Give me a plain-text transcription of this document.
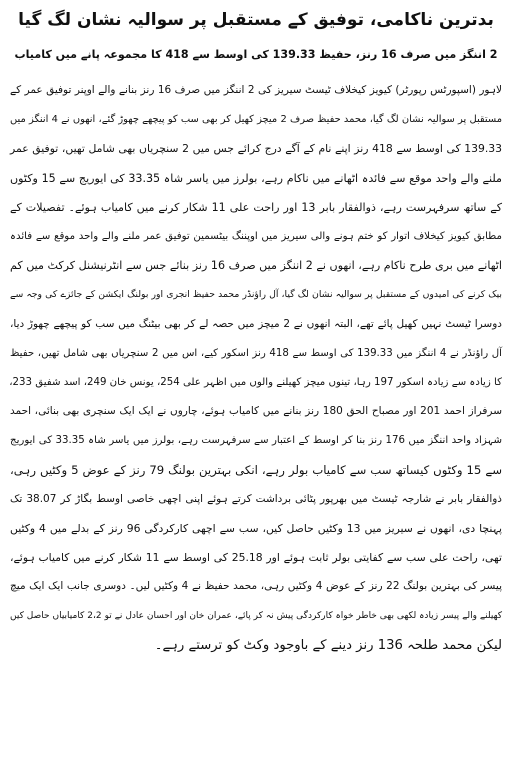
بدترین ناکامی، توفیق کے مستقبل پر سوالیہ نشان لگ گیا
2 اننگز میں صرف 16 رنز، حفیظ 139.33 کی اوسط سے 418 کا مجموعہ پانے میں کامیاب
لاہور (اسپورٹس رپورٹر) کیویز کیخلاف ٹیسٹ سیریز کی 2 اننگز میں صرف 16 رنز بنانے والے اوپنر توفیق عمر کے
مستقبل پر سوالیہ نشان لگ گیا، محمد حفیظ صرف 2 میچز کھیل کر بھی سب کو پیچھے چھوڑ گئے، انھوں نے 4 اننگز میں
139.33 کی اوسط سے 418 رنز اپنے نام کے آگے درج کرائے جس میں 2 سنچریاں بھی شامل تھیں، توفیق عمر
ملنے والے واحد موقع سے فائدہ اٹھانے میں ناکام رہے، بولرز میں یاسر شاہ 33.35 کی ایوریج سے 15 وکٹوں
کے ساتھ سرفہرست رہے، ذوالفقار بابر 13 اور راحت علی 11 شکار کرنے میں کامیاب ہوئے۔ تفصیلات کے
مطابق کیویز کیخلاف اتوار کو ختم ہونے والی سیریز میں اوپننگ بیٹسمین توفیق عمر ملنے والے واحد موقع سے فائدہ
اٹھانے میں بری طرح ناکام رہے، انھوں نے 2 اننگز میں صرف 16 رنز بنائے جس سے انٹرنیشنل کرکٹ میں کم
بیک کرنے کی امیدوں کے مستقبل پر سوالیہ نشان لگ گیا، آل راؤنڈر محمد حفیظ انجری اور بولنگ ایکشن کے جائزے کی وجہ سے
دوسرا ٹیسٹ نہیں کھیل پائے تھے، البتہ انھوں نے 2 میچز میں حصہ لے کر بھی بیٹنگ میں سب کو پیچھے چھوڑ دیا،
آل راؤنڈر نے 4 اننگز میں 139.33 کی اوسط سے 418 رنز اسکور کیے، اس میں 2 سنچریاں بھی شامل تھیں، حفیظ
کا زیادہ سے زیادہ اسکور 197 رہا، تینوں میچز کھیلنے والوں میں اظہر علی 254، یونس خان 249، اسد شفیق 233،
سرفراز احمد 201 اور مصباح الحق 180 رنز بنانے میں کامیاب ہوئے، چاروں نے ایک ایک سنچری بھی بنائی، احمد
شہزاد واحد اننگز میں 176 رنز بنا کر اوسط کے اعتبار سے سرفہرست رہے، بولرز میں یاسر شاہ 33.35 کی ایوریج
سے 15 وکٹوں کیساتھ سب سے کامیاب بولر رہے، انکی بہترین بولنگ 79 رنز کے عوض 5 وکٹیں رہی،
ذوالفقار بابر نے شارجہ ٹیسٹ میں بھرپور پٹائی برداشت کرتے ہوئے اپنی اچھی خاصی اوسط بگاڑ کر 38.07 تک
پہنچا دی، انھوں نے سیریز میں 13 وکٹیں حاصل کیں، سب سے اچھی کارکردگی 96 رنز کے بدلے میں 4 وکٹیں
تھی، راحت علی سب سے کفایتی بولر ثابت ہوئے اور 25.18 کی اوسط سے 11 شکار کرنے میں کامیاب ہوئے،
پیسر کی بہترین بولنگ 22 رنز کے عوض 4 وکٹیں رہی، محمد حفیظ نے 4 وکٹیں لیں۔ دوسری جانب ایک ایک میچ
کھیلنے والے پیسر زیادہ لکھی بھی خاطر خواہ کارکردگی پیش نہ کر پائے، عمران خان اور احسان عادل نے تو 2،2 کامیابیاں حاصل کیں
لیکن محمد طلحہ 136 رنز دینے کے باوجود وکٹ کو ترستے رہے۔
